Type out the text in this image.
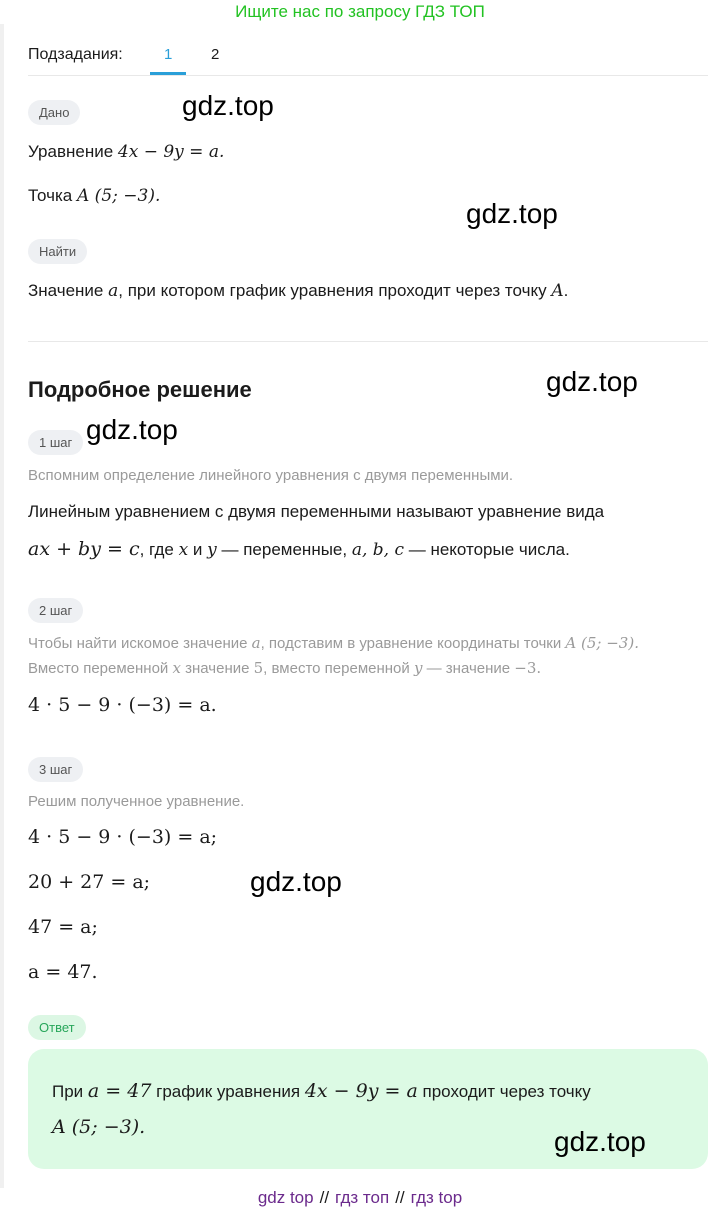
Ищите нас по запросу ГДЗ ТОП
Подзадания:	1	2
Дано
Уравнение 4x − 9y = a.
Точка A (5; −3).
Найти
Значение a, при котором график уравнения проходит через точку A.
Подробное решение
1 шаг
Вспомним определение линейного уравнения с двумя переменными.
Линейным уравнением с двумя переменными называют уравнение вида
ax + by = c, где x и y — переменные, a, b, c — некоторые числа.
2 шаг
Чтобы найти искомое значение a, подставим в уравнение координаты точки A (5; −3).
Вместо переменной x значение 5, вместо переменной y — значение −3.
4 · 5 − 9 · (−3) = a.
3 шаг
Решим полученное уравнение.
4 · 5 − 9 · (−3) = a;
20 + 27 = a;
47 = a;
a = 47.
Ответ
При a = 47 график уравнения 4x − 9y = a проходит через точку
A (5; −3).
gdz.top
gdz.top
gdz.top
gdz.top
gdz.top
gdz.top
gdz top // гдз топ // гдз top
